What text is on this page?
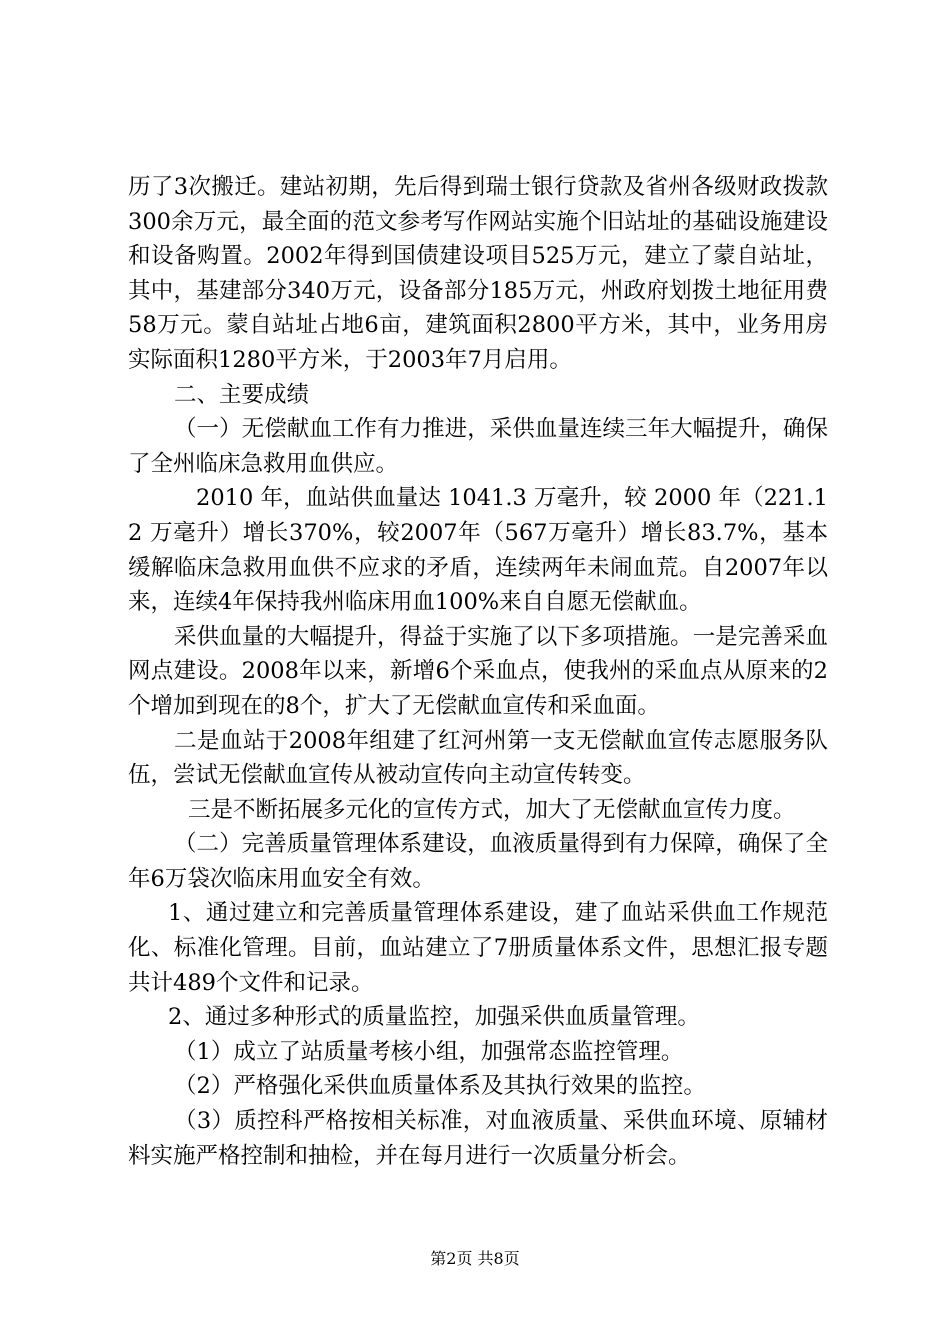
历了3次搬迁。建站初期，先后得到瑞士银行贷款及省州各级财政拨款300余万元，最全面的范文参考写作网站实施个旧站址的基础设施建设和设备购置。2002年得到国债建设项目525万元，建立了蒙自站址，其中，基建部分340万元，设备部分185万元，州政府划拨土地征用费58万元。蒙自站址占地6亩，建筑面积2800平方米，其中，业务用房实际面积1280平方米，于2003年7月启用。

二、主要成绩

（一）无偿献血工作有力推进，采供血量连续三年大幅提升，确保了全州临床急救用血供应。

2010 年，血站供血量达 1041.3 万毫升，较 2000 年（221.12 万毫升）增长370%，较2007年（567万毫升）增长83.7%，基本缓解临床急救用血供不应求的矛盾，连续两年未闹血荒。自2007年以来，连续4年保持我州临床用血100%来自自愿无偿献血。

采供血量的大幅提升，得益于实施了以下多项措施。一是完善采血网点建设。2008年以来，新增6个采血点，使我州的采血点从原来的2个增加到现在的8个，扩大了无偿献血宣传和采血面。

二是血站于2008年组建了红河州第一支无偿献血宣传志愿服务队伍，尝试无偿献血宣传从被动宣传向主动宣传转变。

三是不断拓展多元化的宣传方式，加大了无偿献血宣传力度。

（二）完善质量管理体系建设，血液质量得到有力保障，确保了全年6万袋次临床用血安全有效。

1、通过建立和完善质量管理体系建设，建了血站采供血工作规范化、标准化管理。目前，血站建立了7册质量体系文件，思想汇报专题共计489个文件和记录。

2、通过多种形式的质量监控，加强采供血质量管理。

（1）成立了站质量考核小组，加强常态监控管理。

（2）严格强化采供血质量体系及其执行效果的监控。

（3）质控科严格按相关标准，对血液质量、采供血环境、原辅材料实施严格控制和抽检，并在每月进行一次质量分析会。

第2页 共8页
